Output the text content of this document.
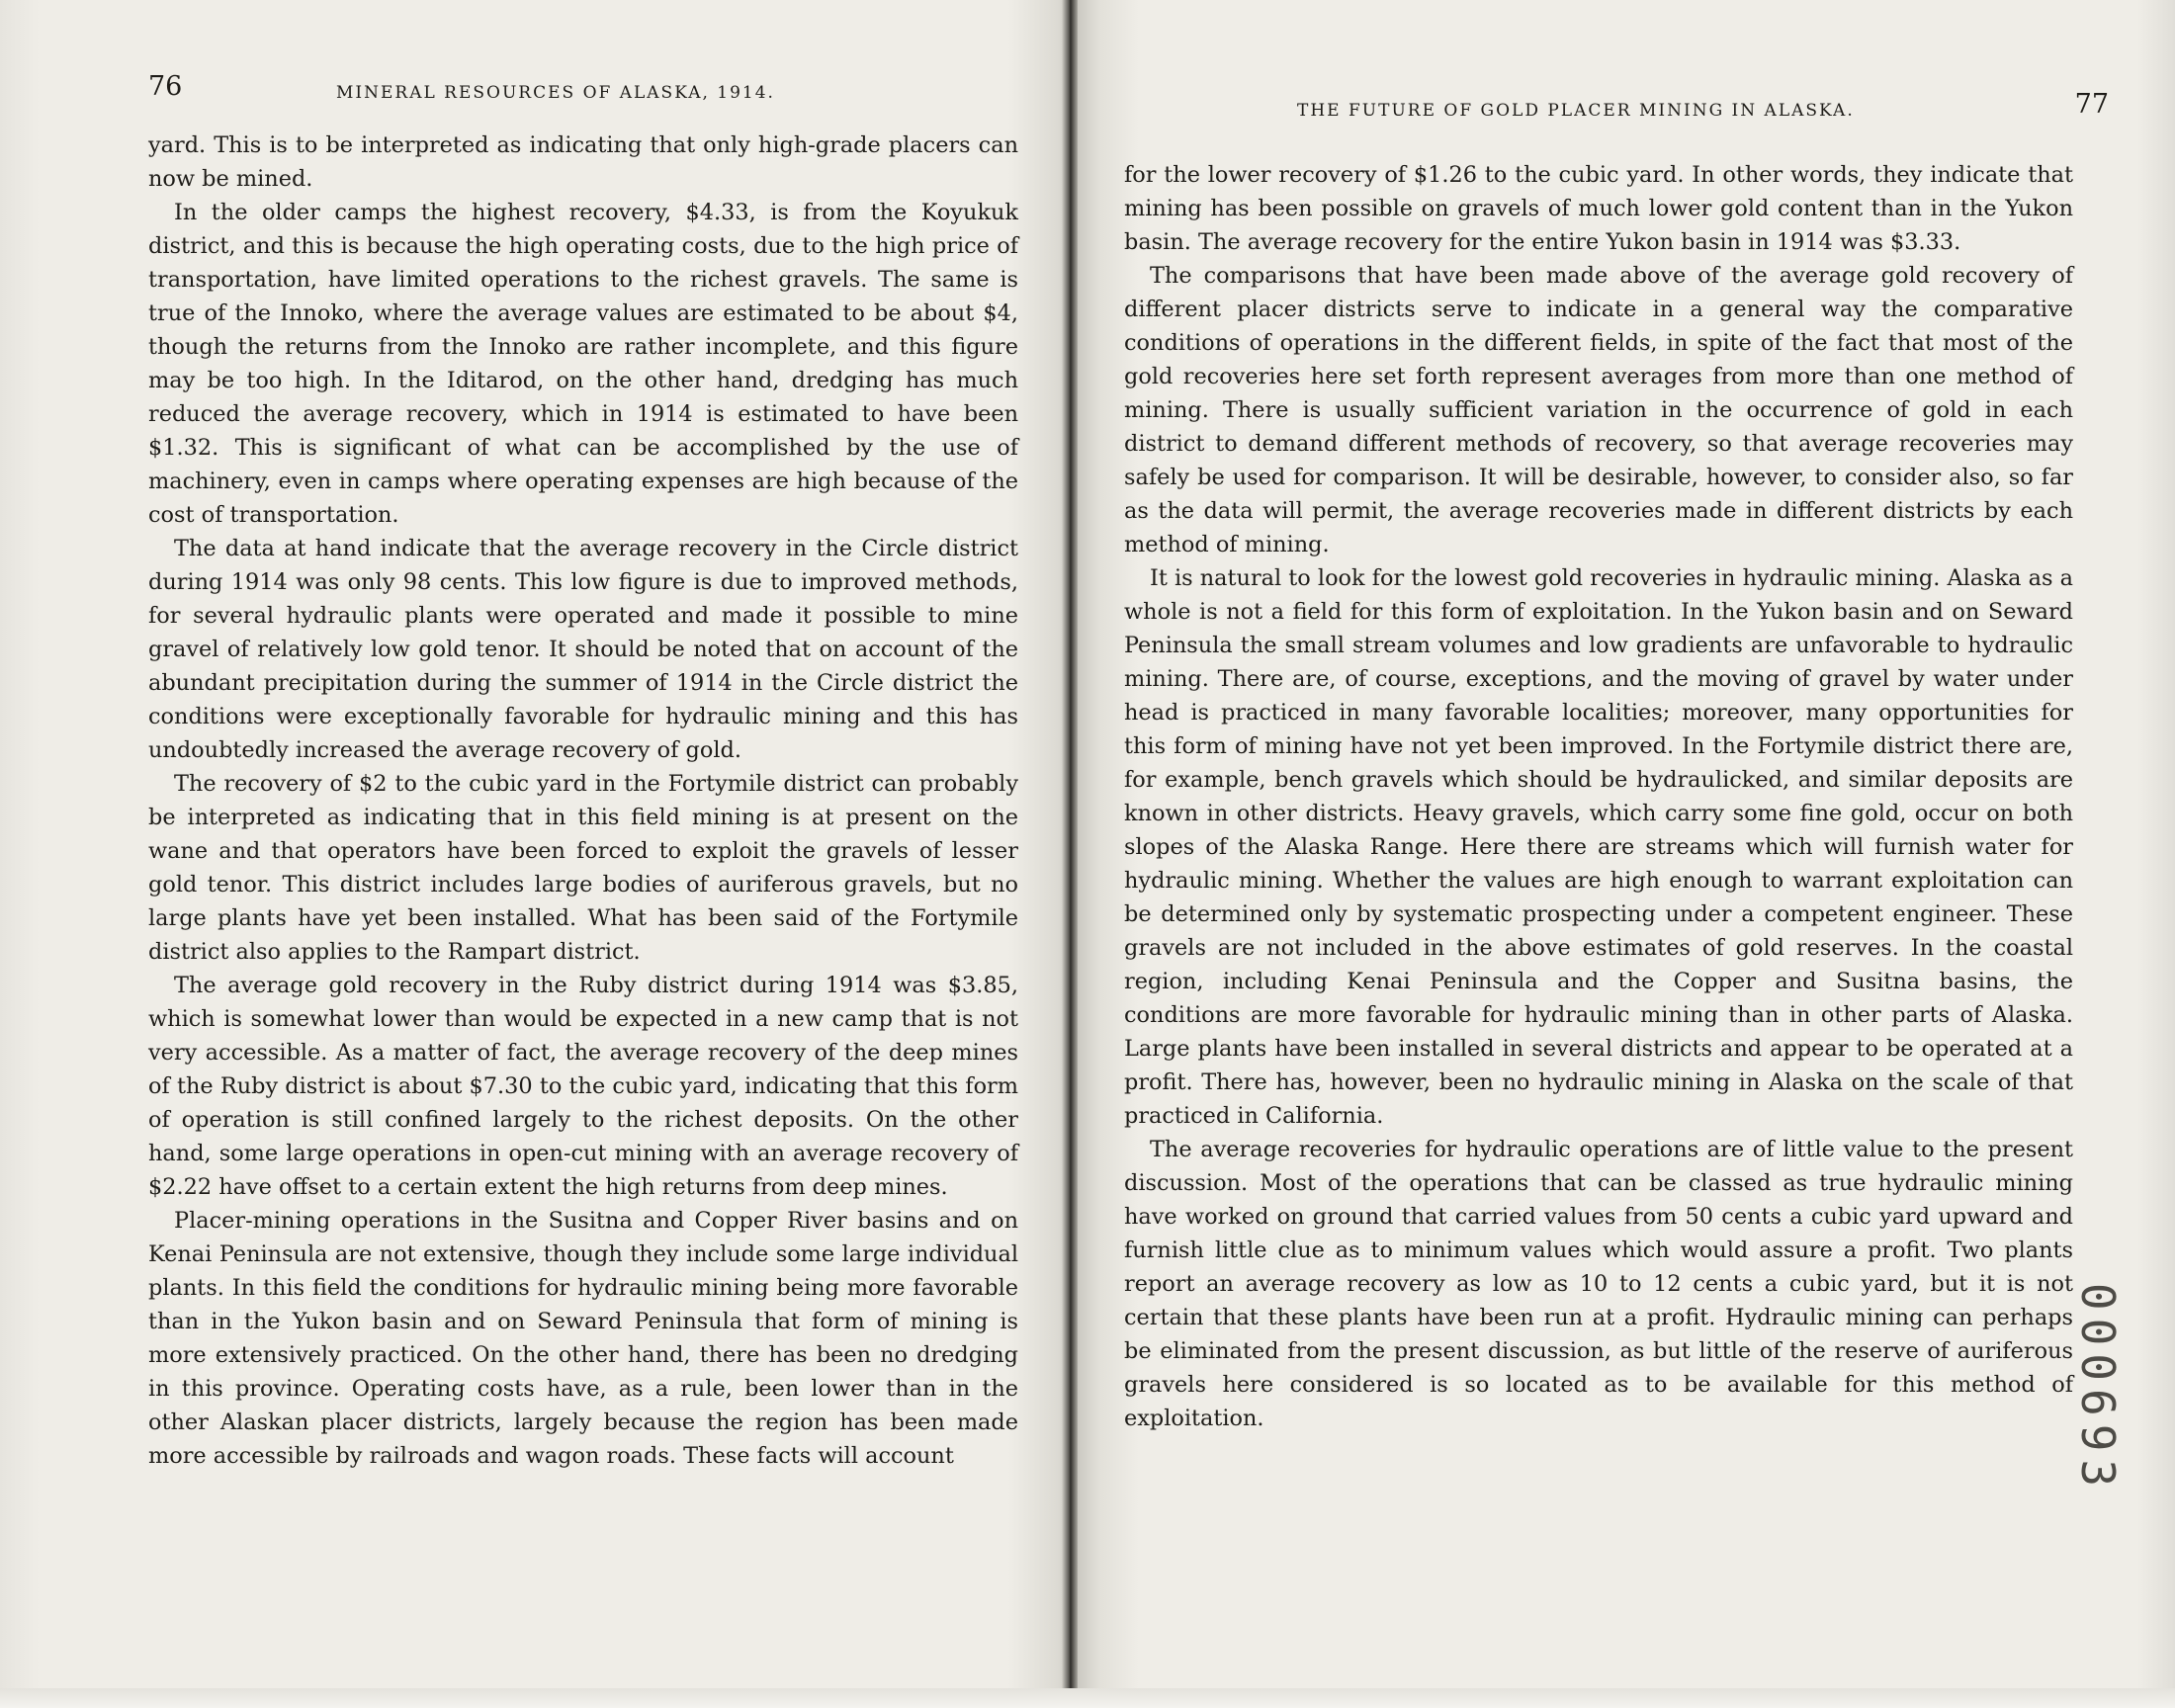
76	MINERAL RESOURCES OF ALASKA, 1914.

yard. This is to be interpreted as indicating that only high-grade placers can now be mined.

In the older camps the highest recovery, $4.33, is from the Koyukuk district, and this is because the high operating costs, due to the high price of transportation, have limited operations to the richest gravels. The same is true of the Innoko, where the average values are estimated to be about $4, though the returns from the Innoko are rather incomplete, and this figure may be too high. In the Iditarod, on the other hand, dredging has much reduced the average recovery, which in 1914 is estimated to have been $1.32. This is significant of what can be accomplished by the use of machinery, even in camps where operating expenses are high because of the cost of transportation.

The data at hand indicate that the average recovery in the Circle district during 1914 was only 98 cents. This low figure is due to improved methods, for several hydraulic plants were operated and made it possible to mine gravel of relatively low gold tenor. It should be noted that on account of the abundant precipitation during the summer of 1914 in the Circle district the conditions were exceptionally favorable for hydraulic mining and this has undoubtedly increased the average recovery of gold.

The recovery of $2 to the cubic yard in the Fortymile district can probably be interpreted as indicating that in this field mining is at present on the wane and that operators have been forced to exploit the gravels of lesser gold tenor. This district includes large bodies of auriferous gravels, but no large plants have yet been installed. What has been said of the Fortymile district also applies to the Rampart district.

The average gold recovery in the Ruby district during 1914 was $3.85, which is somewhat lower than would be expected in a new camp that is not very accessible. As a matter of fact, the average recovery of the deep mines of the Ruby district is about $7.30 to the cubic yard, indicating that this form of operation is still confined largely to the richest deposits. On the other hand, some large operations in open-cut mining with an average recovery of $2.22 have offset to a certain extent the high returns from deep mines.

Placer-mining operations in the Susitna and Copper River basins and on Kenai Peninsula are not extensive, though they include some large individual plants. In this field the conditions for hydraulic mining being more favorable than in the Yukon basin and on Seward Peninsula that form of mining is more extensively practiced. On the other hand, there has been no dredging in this province. Operating costs have, as a rule, been lower than in the other Alaskan placer districts, largely because the region has been made more accessible by railroads and wagon roads. These facts will account

THE FUTURE OF GOLD PLACER MINING IN ALASKA.	77

for the lower recovery of $1.26 to the cubic yard. In other words, they indicate that mining has been possible on gravels of much lower gold content than in the Yukon basin. The average recovery for the entire Yukon basin in 1914 was $3.33.

The comparisons that have been made above of the average gold recovery of different placer districts serve to indicate in a general way the comparative conditions of operations in the different fields, in spite of the fact that most of the gold recoveries here set forth represent averages from more than one method of mining. There is usually sufficient variation in the occurrence of gold in each district to demand different methods of recovery, so that average recoveries may safely be used for comparison. It will be desirable, however, to consider also, so far as the data will permit, the average recoveries made in different districts by each method of mining.

It is natural to look for the lowest gold recoveries in hydraulic mining. Alaska as a whole is not a field for this form of exploitation. In the Yukon basin and on Seward Peninsula the small stream volumes and low gradients are unfavorable to hydraulic mining. There are, of course, exceptions, and the moving of gravel by water under head is practiced in many favorable localities; moreover, many opportunities for this form of mining have not yet been improved. In the Fortymile district there are, for example, bench gravels which should be hydraulicked, and similar deposits are known in other districts. Heavy gravels, which carry some fine gold, occur on both slopes of the Alaska Range. Here there are streams which will furnish water for hydraulic mining. Whether the values are high enough to warrant exploitation can be determined only by systematic prospecting under a competent engineer. These gravels are not included in the above estimates of gold reserves. In the coastal region, including Kenai Peninsula and the Copper and Susitna basins, the conditions are more favorable for hydraulic mining than in other parts of Alaska. Large plants have been installed in several districts and appear to be operated at a profit. There has, however, been no hydraulic mining in Alaska on the scale of that practiced in California.

The average recoveries for hydraulic operations are of little value to the present discussion. Most of the operations that can be classed as true hydraulic mining have worked on ground that carried values from 50 cents a cubic yard upward and furnish little clue as to minimum values which would assure a profit. Two plants report an average recovery as low as 10 to 12 cents a cubic yard, but it is not certain that these plants have been run at a profit. Hydraulic mining can perhaps be eliminated from the present discussion, as but little of the reserve of auriferous gravels here considered is so located as to be available for this method of exploitation.	000693
